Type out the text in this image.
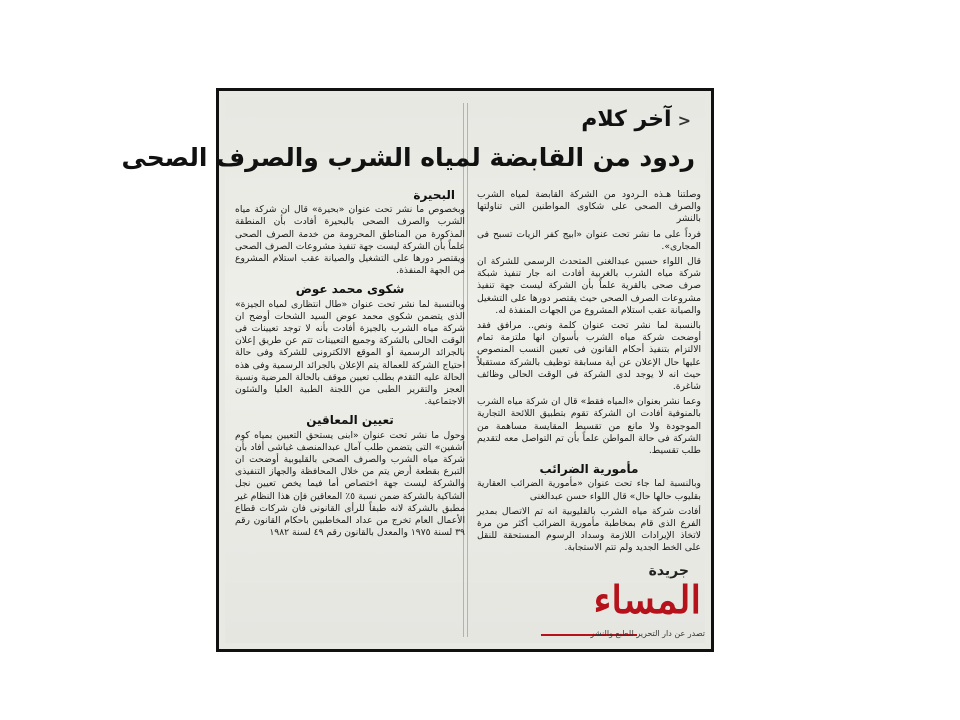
<آخر كلام
ردود من القابضة لمياه الشرب والصرف الصحى

وصلتنا هـذه الـردود من الشركة القابضة لمياه الشرب والصرف الصحى على شكاوى المواطنين التى تناولتها بالنشر

فرداً على ما نشر تحت عنوان «ابيج كفر الزيات تسبح فى المجارى».

قال اللواء حسين عبدالغنى المتحدث الرسمى للشركة ان شركة مياه الشرب بالغربية أفادت انه جار تنفيذ شبكة صرف صحى بالقرية علماً بأن الشركة ليست جهة تنفيذ مشروعات الصرف الصحى حيث يقتصر دورها على التشغيل والصيانة عقب استلام المشروع من الجهات المنفذة له.

بالنسبة لما نشر تحت عنوان كلمة ونص.. مرافق فقد أوضحت شركة مياه الشرب بأسوان انها ملتزمة تمام الالتزام بتنفيذ أحكام القانون فى تعيين النسب المنصوص عليها حال الإعلان عن أية مسابقة توظيف بالشركة مستقبلاً حيث انه لا يوجد لدى الشركة فى الوقت الحالى وظائف شاغرة.

وعما نشر بعنوان «المياه فقط» قال ان شركة مياه الشرب بالمنوفية أفادت ان الشركة تقوم بتطبيق اللائحة التجارية الموجودة ولا مانع من تقسيط المقايسة مساهمة من الشركة فى حالة المواطن علماً بأن تم التواصل معه لتقديم طلب تقسيط.

مأمورية الضرائب

وبالنسبة لما جاء تحت عنوان «مأمورية الضرائب العقارية بقليوب حالها حال» قال اللواء حسن عبدالغنى

أفادت شركة مياه الشرب بالقليوبية انه تم الاتصال بمدير الفرع الذى قام بمخاطبة مأمورية الضرائب أكثر من مرة لاتخاذ الإيرادات اللازمة وسداد الرسوم المستحقة للنقل على الخط الجديد ولم تتم الاستجابة.

البحيرة

وبخصوص ما نشر تحت عنوان «بحيرة» قال ان شركة مياه الشرب والصرف الصحى بالبحيرة أفادت بأن المنطقة المذكورة من المناطق المحرومة من خدمة الصرف الصحى علماً بأن الشركة ليست جهة تنفيذ مشروعات الصرف الصحى ويقتصر دورها على التشغيل والصيانة عقب استلام المشروع من الجهة المنفذة.

شكوى محمد عوض

وبالنسبة لما نشر تحت عنوان «طال انتظارى لمياه الجيزة» الذى يتضمن شكوى محمد عوض السيد الشحات أوضح ان شركة مياه الشرب بالجيزة أفادت بأنه لا توجد تعيينات فى الوقت الحالى بالشركة وجميع التعيينات تتم عن طريق إعلان بالجرائد الرسمية أو الموقع الالكترونى للشركة وفى حالة احتياج الشركة للعمالة يتم الإعلان بالجرائد الرسمية وفى هذه الحالة عليه التقدم بطلب تعيين موقف بالحالة المرضية ونسبة العجز والتقرير الطبى من اللجنة الطبية العليا والشئون الاجتماعية.

تعيين المعاقين

وحول ما نشر تحت عنوان «ابنى يستحق التعيين بمياه كوم أشفين» التى يتضمن طلب آمال عبدالمنصف غباشى أفاد بأن شركة مياه الشرب والصرف الصحى بالقليوبية أوضحت ان التبرع بقطعة أرض يتم من خلال المحافظة والجهاز التنفيذى والشركة ليست جهة اختصاص أما فيما يخص تعيين نجل الشاكية بالشركة ضمن نسبة ٥٪ المعاقين فإن هذا النظام غير مطبق بالشركة لانه طبقاً للرأى القانونى فان شركات قطاع الأعمال العام تخرج من عداد المخاطبين باحكام القانون رقم ٣٩ لسنة ١٩٧٥ والمعدل بالقانون رقم ٤٩ لسنة ١٩٨٢

جريدة
المساء
تصدر عن دار التحرير للطبع والنشر
